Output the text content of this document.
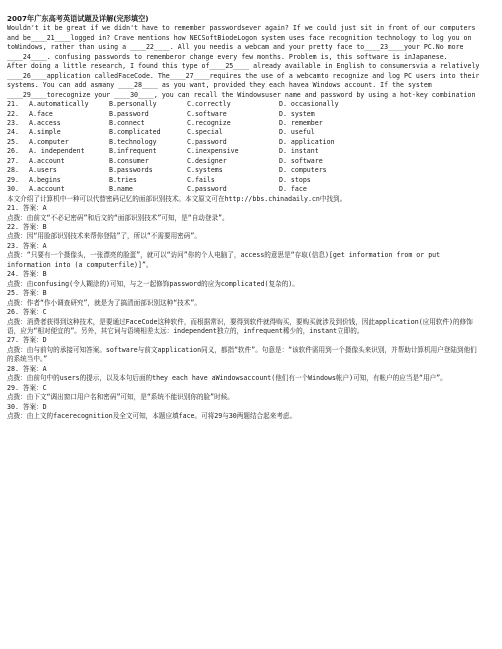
2007年广东高考英语试题及详解(完形填空)

Wouldn't it be great if we didn't have to remember passwordsever again? If we could just sit in front of our computers and be____21____logged in? Crave mentions how NECSoftBiodeLogon system uses face recognition technology to log you on toWindows, rather than using a ____22____. All you needis a webcam and your pretty face to____23____your PC.No more ____24____. confusing passwords to rememberor change every few months. Problem is, this software is inJapanese.

After doing a little research, I found this type of____25____ already available in English to consumersvia a relatively ____26____application calledFaceCode. The____27____requires the use of a webcamto recognize and log PC users into their systems. You can add asmany ____28____ as you want, provided they each havea Windows account. If the system ____29____torecognize your ____30____, you can recall the Windowsuser name and password by using a hot-key combination

21.	A.automatically	B.personally	C.correctly	D. occasionally
22.	A.face	B.password	C.software	D. system
23.	A.access	B.connect	C.recognize	D. remember
24.	A.simple	B.complicated	C.special	D. useful
25.	A.computer	B.technology	C.password	D. application
26.	A. independent	B.infrequent	C.inexpensive	D. instant
27.	A.account	B.consumer	C.designer	D. software
28.	A.users	B.passwords	C.systems	D. computers
29.	A.begins	B.tries	C.fails	D. stops
30.	A.account	B.name	C.password	D. face
本文介绍了计算机中一种可以代替密码记忆的面部识别技术。本文原文可在http://bbs.chinadaily.cn中找到。
21. 答案：A

点拨：由前文“不必记密码”和后文的“面部识别技术”可知，是“自动登录”。

22. 答案：B

点拨：因“用脸部识别技术来帮你登陆”了，所以“不需要用密码”。

23. 答案：A

点拨：“只要有一个摄像头，一张漂亮的脸蛋”，就可以“访问”你的个人电脑了，access的意思是“存取(信息)[get information from or put information into (a computerfile)]”。

24. 答案：B

点拨：由confusing(令人糊涂的)可知，与之一起修饰password的应为complicated(复杂的)。

25. 答案：B

点拨：作者“作小调查研究”，就是为了搞清面部识别这种“技术”。

26. 答案：C

点拨：消费者获得到这种技术，是要通过FaceCode这种软件，而根据常识，要得到软件就得购买，要购买就涉及到价钱，因此application(应用软件)的修饰语，应为“相对便宜的”。另外，其它词与语境相差太远：independent独立的，infrequent稀少的，instant立即的。

27. 答案：D

点拨：由与前句的承接可知答案。software与前文application同义，都指“软件”。句意是：“该软件需用到一个摄像头来识别，并帮助计算机用户登陆到他们的系统当中。”

28. 答案：A

点拨：由前句中的users的提示，以及本句后面的they each have aWindowsaccount(他们有一个Windows帐户)可知，有帐户的应当是“用户”。

29. 答案：C

点拨：由下文“调出窗口用户名和密码”可知，是“系统不能识别你的脸”时候。

30. 答案：D

点拨：由上文的facerecognition及全文可知，本题应填face。可将29与30两题结合起来考虑。
